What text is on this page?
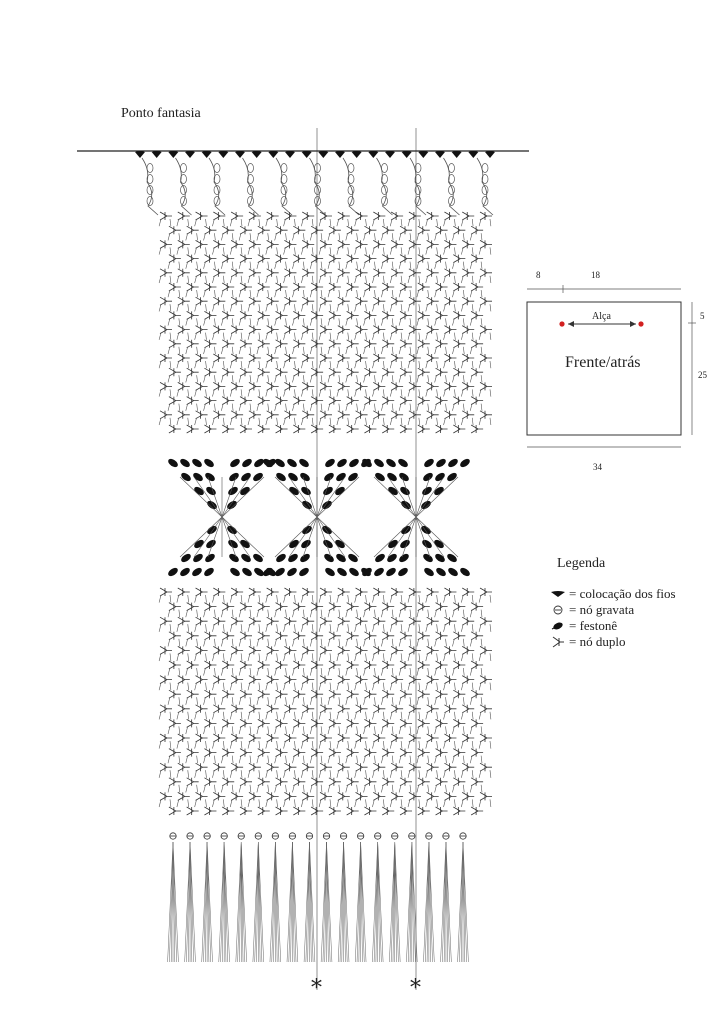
Ponto fantasia
8	18
5
25
34
Alça
Frente/atrás
Legenda
= colocação dos fios
= nó gravata
= festonê
= nó duplo
*	*
